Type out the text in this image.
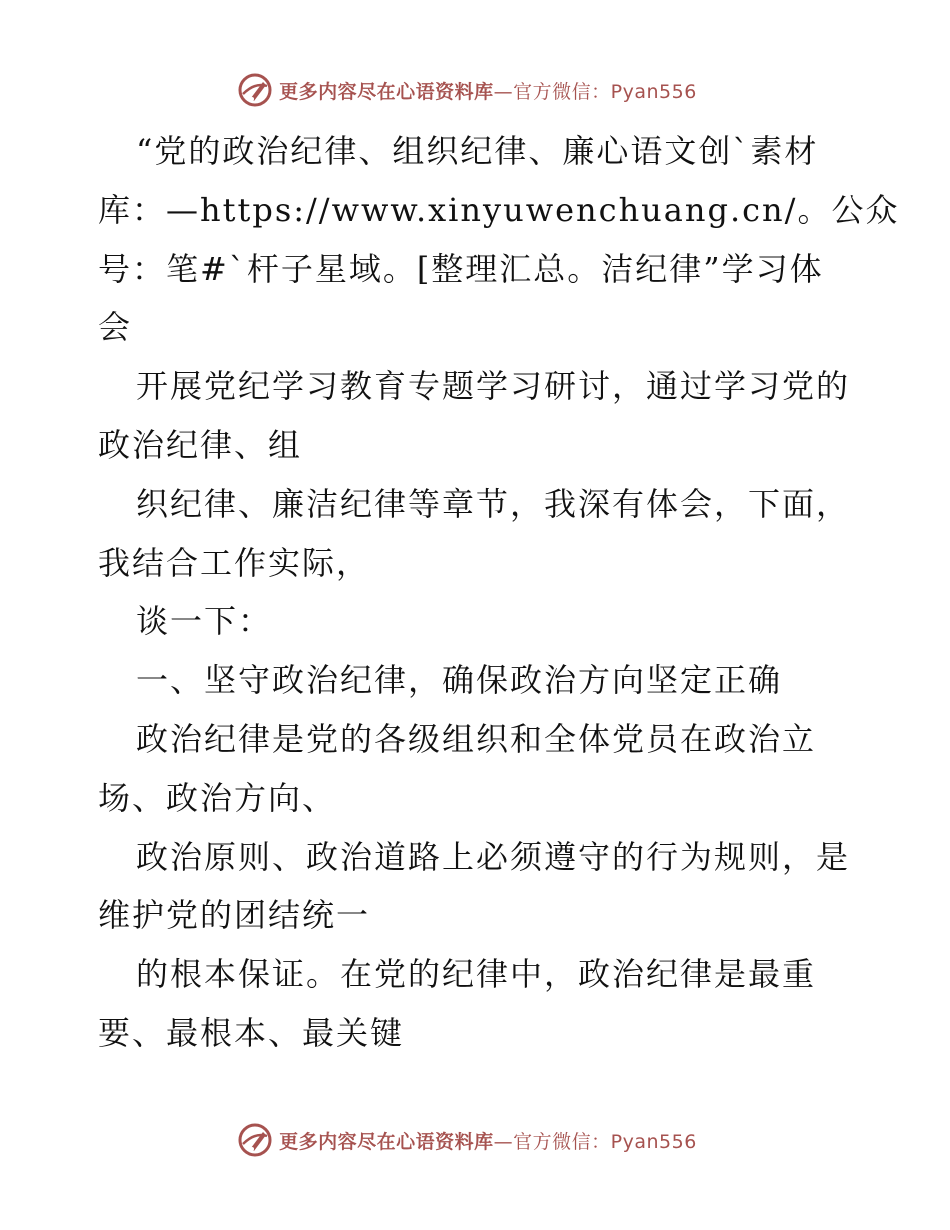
更多内容尽在心语资料库—官方微信：Pyan556
“党的政治纪律、组织纪律、廉心语文创`素材
库：—https://www.xinyuwenchuang.cn/。公众
号：笔#`杆子星域。[整理汇总。洁纪律”学习体
会
开展党纪学习教育专题学习研讨，通过学习党的
政治纪律、组
织纪律、廉洁纪律等章节，我深有体会，下面，
我结合工作实际，
谈一下：
一、坚守政治纪律，确保政治方向坚定正确
政治纪律是党的各级组织和全体党员在政治立
场、政治方向、
政治原则、政治道路上必须遵守的行为规则，是
维护党的团结统一
的根本保证。在党的纪律中，政治纪律是最重
要、最根本、最关键
更多内容尽在心语资料库—官方微信：Pyan556
